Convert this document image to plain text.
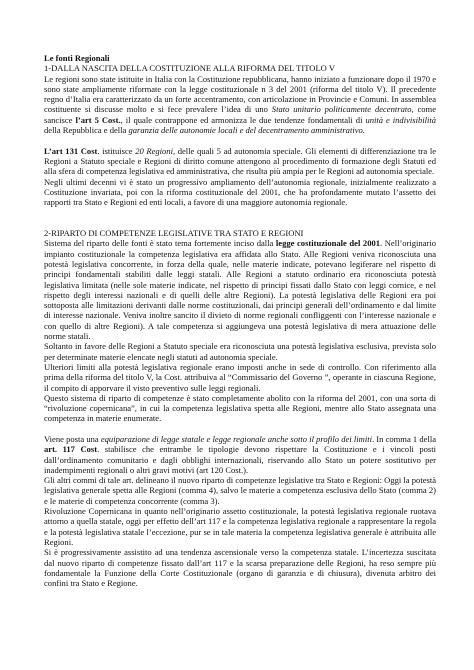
Le fonti Regionali

1-DALLA NASCITA DELLA COSTITUZIONE ALLA RIFORMA DEL TITOLO V

Le regioni sono state istituite in Italia con la Costituzione repubblicana, hanno iniziato a funzionare dopo il 1970 e sono state ampliamente riformate con la legge costituzionale n 3 del 2001 (riforma del titolo V). Il precedente regno d’Italia era caratterizzato da un forte accentramento, con articolazione in Provincie e Comuni. In assemblea costituente si discusse molto e si fece prevalere l’idea di uno Stato unitario politicamente decentrato, come sancisce l’art 5 Cost., il quale contrappone ed armonizza le due tendenze fondamentali di unità e indivisibilità della Repubblica e della garanzia delle autonomie locali e del decentramento amministrativo.

L’art 131 Cost. istituisce 20 Regioni, delle quali 5 ad autonomia speciale. Gli elementi di differenziazione tra le Regioni a Statuto speciale e Regioni di diritto comune attengono al procedimento di formazione degli Statuti ed alla sfera di competenza legislativa ed amministrativa, che risulta più ampia per le Regioni ad autonomia speciale.

Negli ultimi decenni vi è stato un progressivo ampliamento dell’autonomia regionale, inizialmente realizzato a Costituzione invariata, poi con la riforma costituzionale del 2001, che ha profondamente mutato l’assetto dei rapporti tra Stato e Regioni ed enti locali, a favore di una maggiore autonomia regionale.

2-RIPARTO DI COMPETENZE LEGISLATIVE TRA STATO E REGIONI

Sistema del riparto delle fonti è stato tema fortemente inciso dalla legge costituzionale del 2001. Nell’originario impianto costituzionale la competenza legislativa era affidata allo Stato. Alle Regioni veniva riconosciuta una potestà legislativa concorrente, in forza della quale, nelle materie indicate, potevano legiferare nel rispetto di principi fondamentali stabiliti dalle leggi statali. Alle Regioni a statuto ordinario era riconosciuta potestà legislativa limitata (nelle sole materie indicate, nel rispetto di principi fissati dallo Stato con leggi cornice, e nel rispetto degli interessi nazionali e di quelli delle altre Regioni). La potestà legislativa delle Regioni era poi sottoposta alle limitazioni derivanti dalle norme costituzionali, dai principi generali dell’ordinamento e dal limite di interesse nazionale. Veniva inoltre sancito il divieto di norme regionali confliggenti con l’interesse nazionale e con quello di altre Regioni). A tale competenza si aggiungeva una potestà legislativa di mera attuazione delle norme statali.

Soltanto in favore delle Regioni a Statuto speciale era riconosciuta una potestà legislativa esclusiva, prevista solo per determinate materie elencate negli statuti ad autonomia speciale.

Ulteriori limiti alla potestà legislativa regionale erano imposti anche in sede di controllo. Con riferimento alla prima della riforma del titolo V, la Cost. attribuiva al “Commissario del Governo ”, operante in ciascuna Regione, il compito di apporvare il visto preventivo sulle leggi regionali.

Questo sistema di riparto di competenze è stato completamente abolito con la riforma del 2001, con una sorta di “rivoluzione copernicana”, in cui la competenza legislativa spetta alle Regioni, mentre allo Stato assegnata una competenza in materie enumerate.

Viene posta una equiparazione di legge statale e legge regionale anche sotto il profilo dei limiti. In comma 1 della art. 117 Cost. stabilisce che entrambe le tipologie devono rispettare la Costituzione e i vincoli posti dall’ordinamento comunitario e dagli obblighi internazionali, riservando allo Stato un potere sostitutivo per inadempimenti regionali o altri gravi motivi (art 120 Cost.).

Gli altri commi di tale art. delineano il nuovo riparto di competenze legislative tra Stato e Regioni: Oggi la potestà legislativa generale spetta alle Regioni (comma 4), salvo le materie a competenza esclusiva dello Stato (comma 2) e le materie di competenza concorrente (comma 3).

Rivoluzione Copernicana in quanto nell’originario assetto costituzionale, la potestà legislativa regionale ruotava attorno a quella statale, oggi per effetto dell’art 117 e la competenza legislativa regionale a rappresentare la regola e la potestà legislativa statale l’eccezione, pur se in tale materia la competenza legislativa generale è attribuita alle Regioni.

Si è progressivamente assistito ad una tendenza ascensionale verso la competenza statale. L’incertezza suscitata dal nuovo riparto di competenze fissato dall’art 117 e la scarsa preparazione delle Regioni, ha reso sempre più fondamentale la Funzione della Corte Costituzionale (organo di garanzia e di chiusura), divenuta arbitro dei confini tra Stato e Regione.
